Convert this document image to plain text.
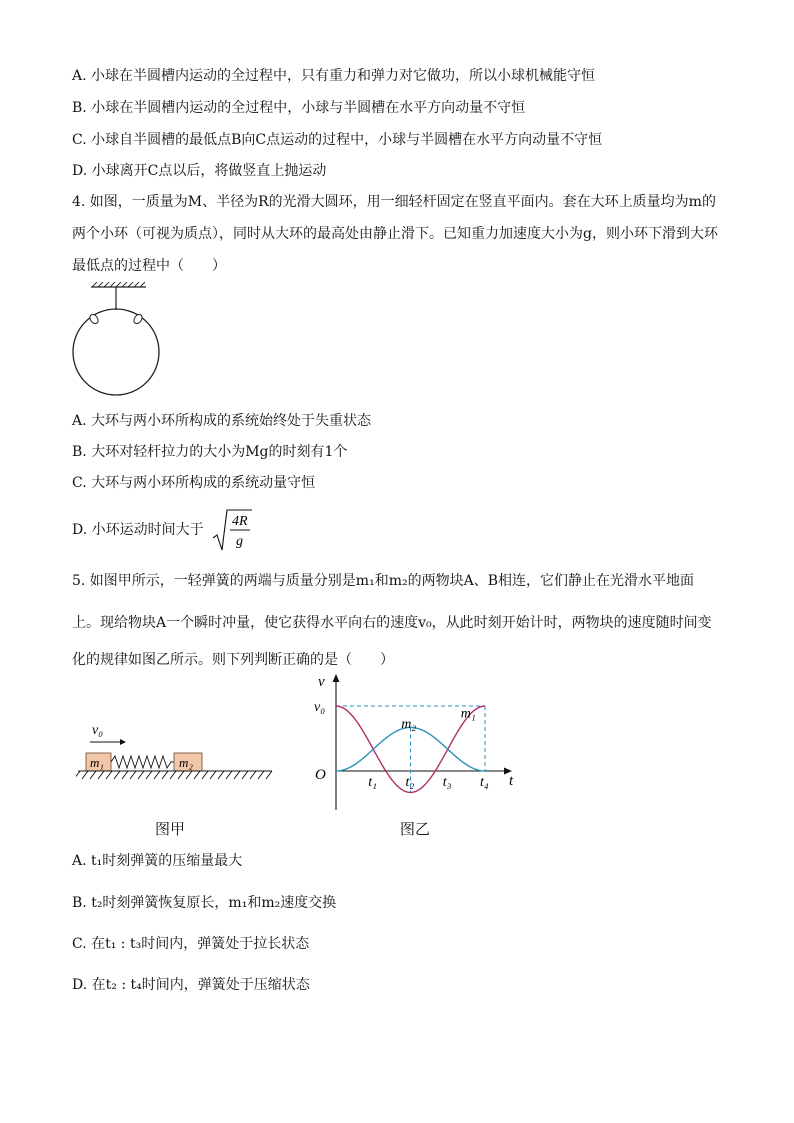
A. 小球在半圆槽内运动的全过程中，只有重力和弹力对它做功，所以小球机械能守恒
B. 小球在半圆槽内运动的全过程中，小球与半圆槽在水平方向动量不守恒
C. 小球自半圆槽的最低点B向C点运动的过程中，小球与半圆槽在水平方向动量不守恒
D. 小球离开C点以后，将做竖直上抛运动
4. 如图，一质量为M、半径为R的光滑大圆环，用一细轻杆固定在竖直平面内。套在大环上质量均为m的
两个小环（可视为质点），同时从大环的最高处由静止滑下。已知重力加速度大小为g，则小环下滑到大环
最低点的过程中（　　）
A. 大环与两小环所构成的系统始终处于失重状态
B. 大环对轻杆拉力的大小为Mg的时刻有1个
C. 大环与两小环所构成的系统动量守恒
D. 小环运动时间大于
4R
g
5. 如图甲所示，一轻弹簧的两端与质量分别是m₁和m₂的两物块A、B相连，它们静止在光滑水平地面
上。现给物块A一个瞬时冲量，使它获得水平向右的速度v₀，从此时刻开始计时，两物块的速度随时间变
化的规律如图乙所示。则下列判断正确的是（　　）
v₀
m₁	m₂
图甲
v
t
O
v₀
t₁ t₂ t₃ t₄
m₂
m₁
图乙
A. t₁时刻弹簧的压缩量最大
B. t₂时刻弹簧恢复原长，m₁和m₂速度交换
C. 在t₁ : t₃时间内，弹簧处于拉长状态
D. 在t₂ : t₄时间内，弹簧处于压缩状态
